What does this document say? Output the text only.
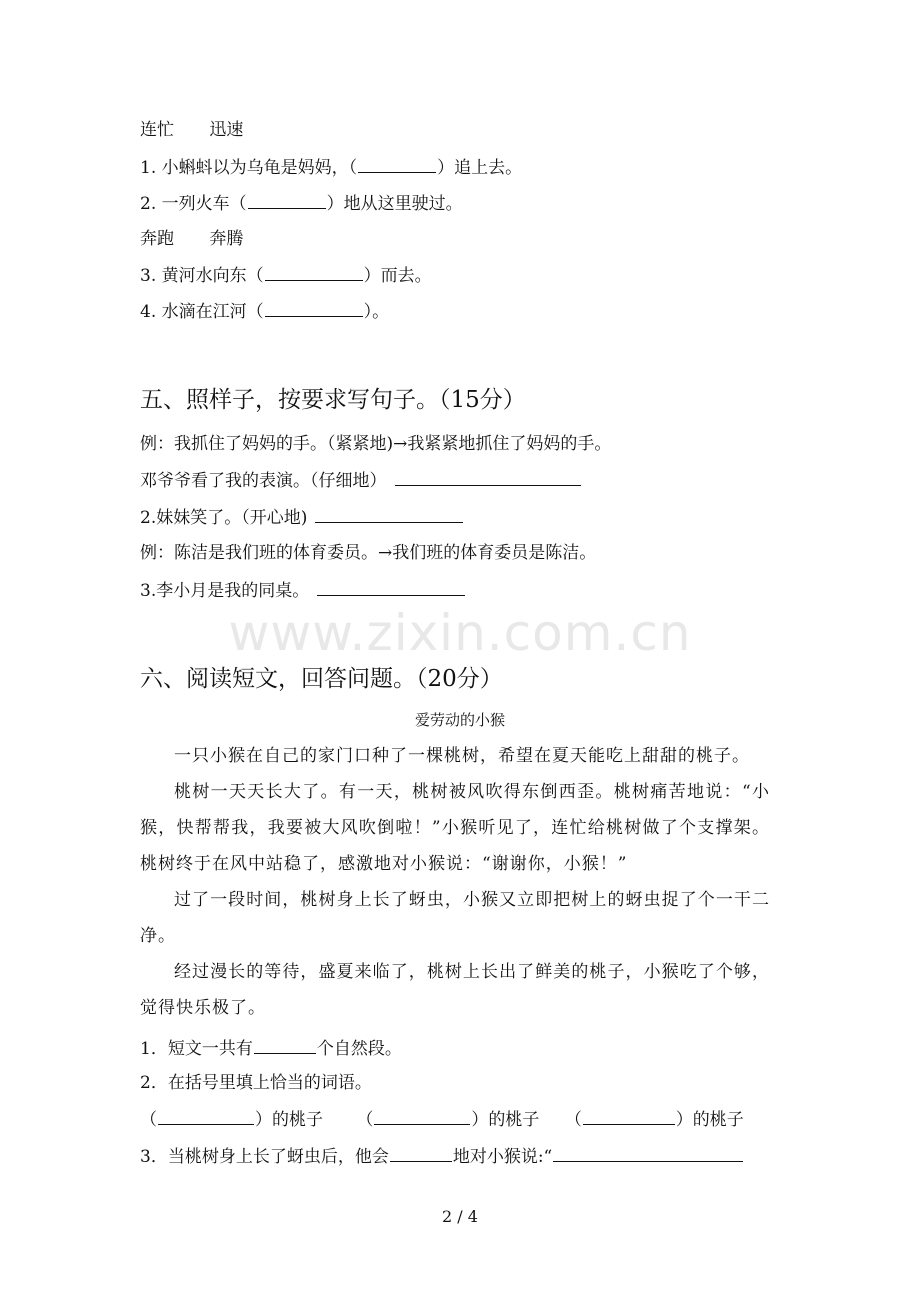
连忙 迅速
1. 小蝌蚪以为乌龟是妈妈，（	）追上去。
2. 一列火车（	）地从这里驶过。
奔跑 奔腾
3. 黄河水向东（	）而去。
4. 水滴在江河（	）。
五、照样子，按要求写句子。（15分）
例：我抓住了妈妈的手。（紧紧地)→我紧紧地抓住了妈妈的手。
邓爷爷看了我的表演。（仔细地）
2.妹妹笑了。（开心地)
例：陈洁是我们班的体育委员。→我们班的体育委员是陈洁。
3.李小月是我的同桌。
www.zixin.com.cn
六、阅读短文，回答问题。（20分）
爱劳动的小猴
一只小猴在自己的家门口种了一棵桃树，希望在夏天能吃上甜甜的桃子。
桃树一天天长大了。有一天，桃树被风吹得东倒西歪。桃树痛苦地说：“小猴，快帮帮我，我要被大风吹倒啦！”小猴听见了，连忙给桃树做了个支撑架。桃树终于在风中站稳了，感激地对小猴说：“谢谢你，小猴！”
过了一段时间，桃树身上长了蚜虫，小猴又立即把树上的蚜虫捉了个一干二净。
经过漫长的等待，盛夏来临了，桃树上长出了鲜美的桃子，小猴吃了个够，觉得快乐极了。
1．短文一共有	个自然段。
2．在括号里填上恰当的词语。
（	）的桃子 （	）的桃子 （	）的桃子
3．当桃树身上长了蚜虫后，他会	地对小猴说:“
2 / 4
